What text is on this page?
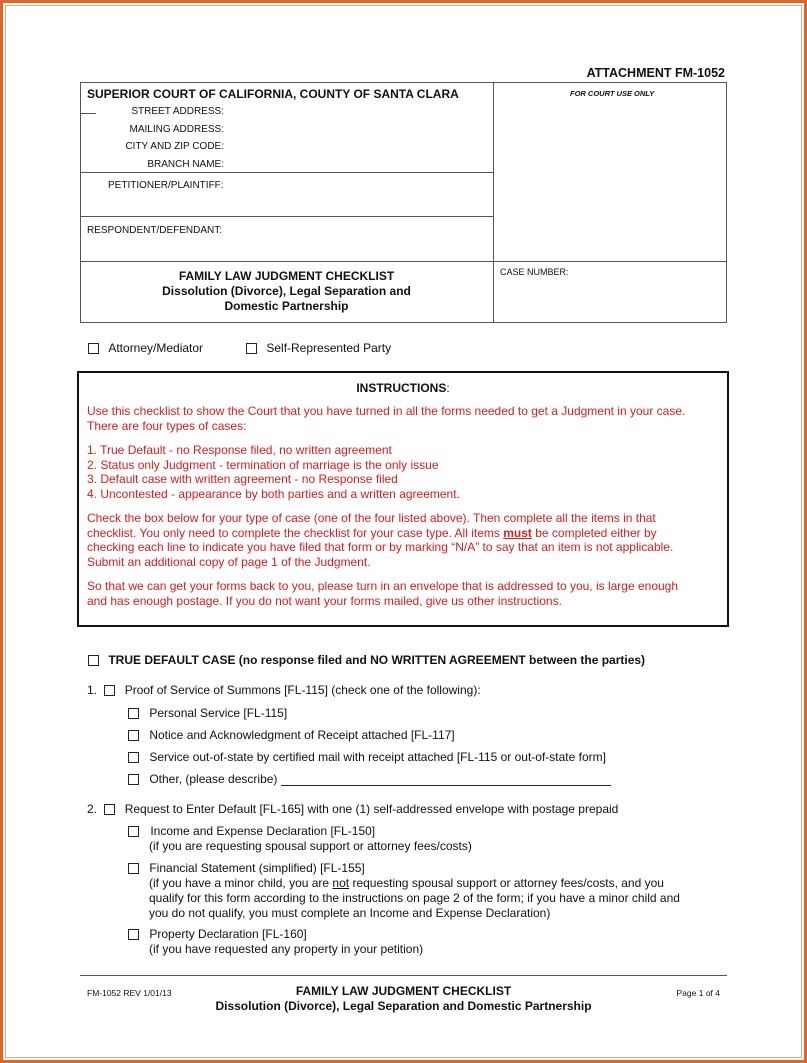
ATTACHMENT FM-1052
SUPERIOR COURT OF CALIFORNIA, COUNTY OF SANTA CLARA	FOR COURT USE ONLY
STREET ADDRESS:
MAILING ADDRESS:
CITY AND ZIP CODE:
BRANCH NAME:
PETITIONER/PLAINTIFF:
RESPONDENT/DEFENDANT:
CASE NUMBER:
FAMILY LAW JUDGMENT CHECKLIST
Dissolution (Divorce), Legal Separation and
Domestic Partnership
Attorney/Mediator	Self-Represented Party
INSTRUCTIONS:
Use this checklist to show the Court that you have turned in all the forms needed to get a Judgment in your case.
There are four types of cases:
1. True Default - no Response filed, no written agreement
2. Status only Judgment - termination of marriage is the only issue
3. Default case with written agreement - no Response filed
4. Uncontested - appearance by both parties and a written agreement.
Check the box below for your type of case (one of the four listed above). Then complete all the items in that
checklist. You only need to complete the checklist for your case type. All items must be completed either by
checking each line to indicate you have filed that form or by marking “N/A” to say that an item is not applicable.
Submit an additional copy of page 1 of the Judgment.
So that we can get your forms back to you, please turn in an envelope that is addressed to you, is large enough
and has enough postage. If you do not want your forms mailed, give us other instructions.
TRUE DEFAULT CASE (no response filed and NO WRITTEN AGREEMENT between the parties)
1. Proof of Service of Summons [FL-115] (check one of the following):
Personal Service [FL-115]
Notice and Acknowledgment of Receipt attached [FL-117]
Service out-of-state by certified mail with receipt attached [FL-115 or out-of-state form]
Other, (please describe)
2. Request to Enter Default [FL-165] with one (1) self-addressed envelope with postage prepaid
Income and Expense Declaration [FL-150]
(if you are requesting spousal support or attorney fees/costs)
Financial Statement (simplified) [FL-155]
(if you have a minor child, you are not requesting spousal support or attorney fees/costs, and you
qualify for this form according to the instructions on page 2 of the form; if you have a minor child and
you do not qualify, you must complete an Income and Expense Declaration)
Property Declaration [FL-160]
(if you have requested any property in your petition)
FM-1052 REV 1/01/13	FAMILY LAW JUDGMENT CHECKLIST
Dissolution (Divorce), Legal Separation and Domestic Partnership
Page 1 of 4
